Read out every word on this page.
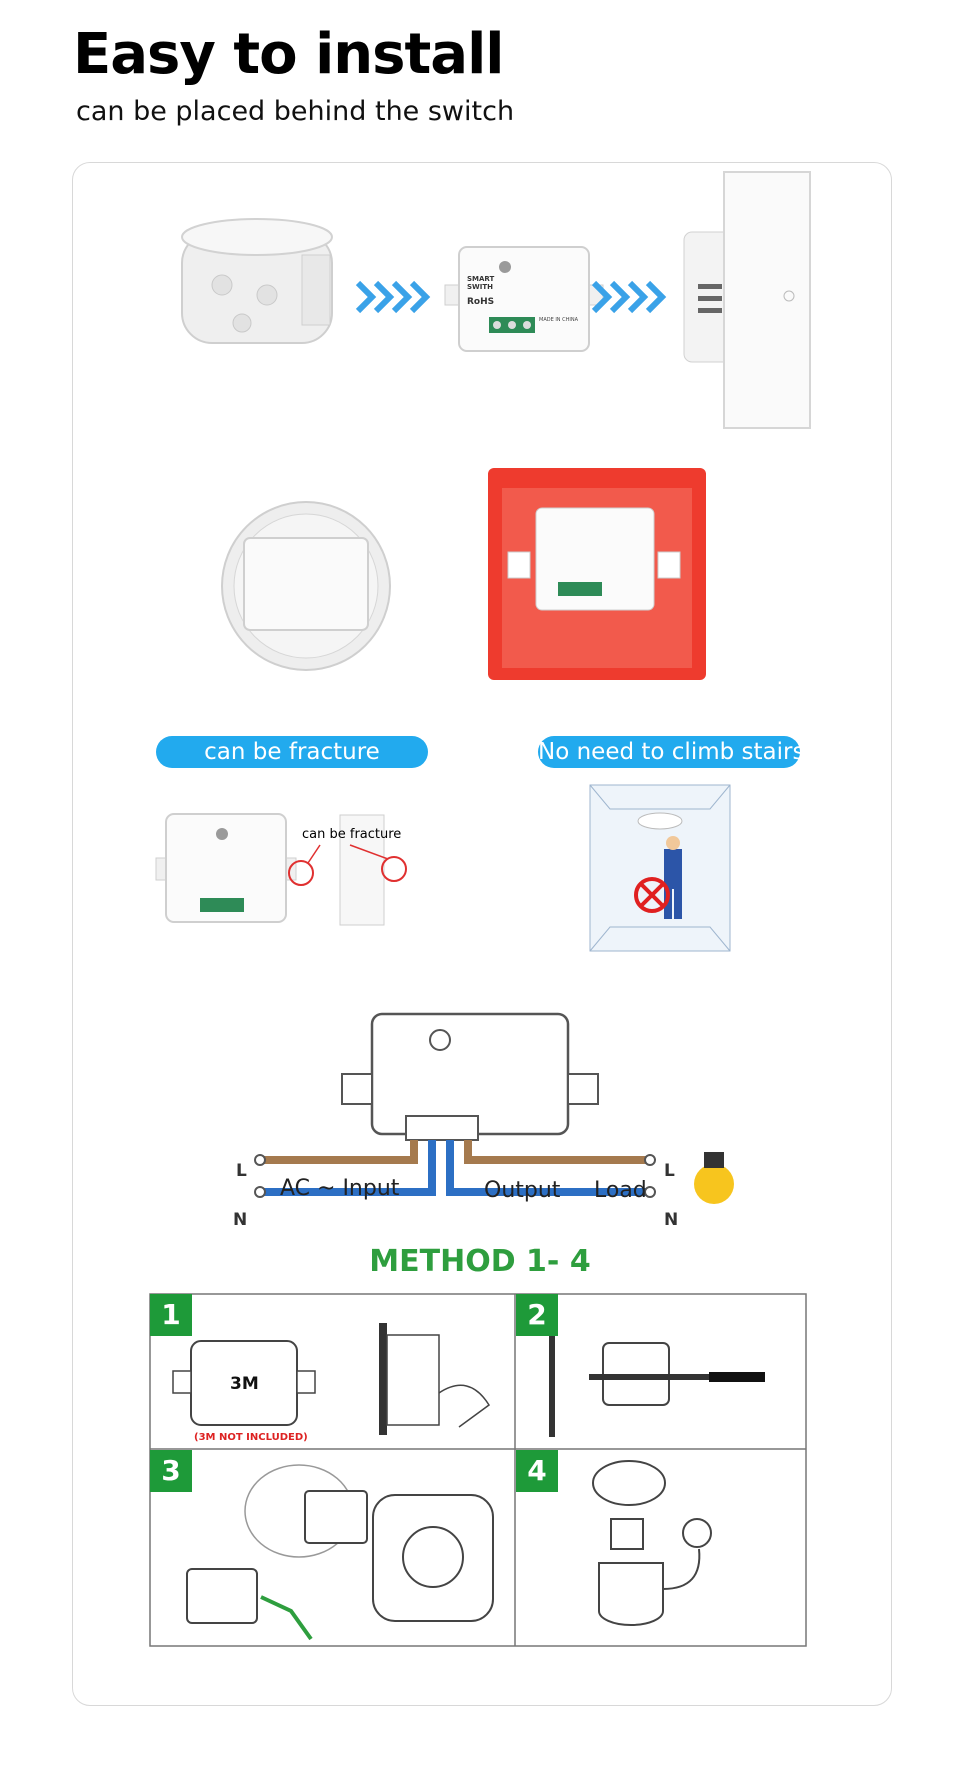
Easy to install
can be placed behind the switch
SMART
SWITH
RoHS
MADE IN CHINA
can be fracture	No need to climb stairs
can be fracture
L
N
L
N
AC ~ Input	Output Load
METHOD 1- 4
1	2
3	4
3M
(3M NOT INCLUDED)
